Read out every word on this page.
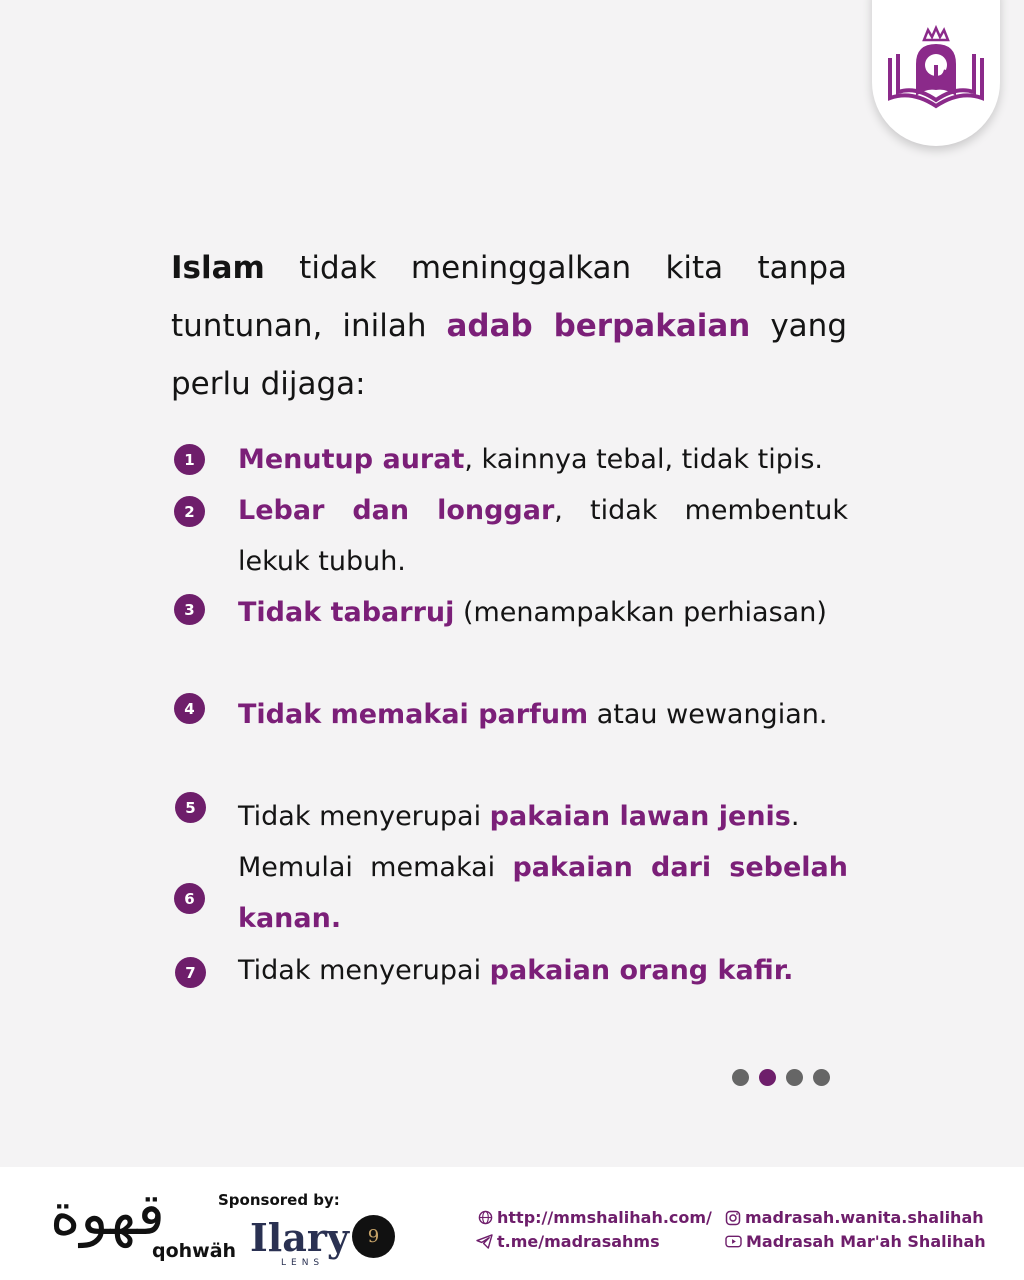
Islam tidak meninggalkan kita tanpa tuntunan, inilah adab berpakaian yang perlu dijaga:
1	Menutup aurat, kainnya tebal, tidak tipis.
2	Lebar dan longgar, tidak membentuk lekuk tubuh.
3	Tidak tabarruj (menampakkan perhiasan)
4	Tidak memakai parfum atau wewangian.
5	Tidak menyerupai pakaian lawan jenis.
6
Memulai memakai pakaian dari sebelah kanan.
7	Tidak menyerupai pakaian orang kafir.
قهوة
qohwäh
Sponsored by:
Ilary
LENS
9
http://mmshalihah.com/
t.me/madrasahms
madrasah.wanita.shalihah
Madrasah Mar'ah Shalihah
